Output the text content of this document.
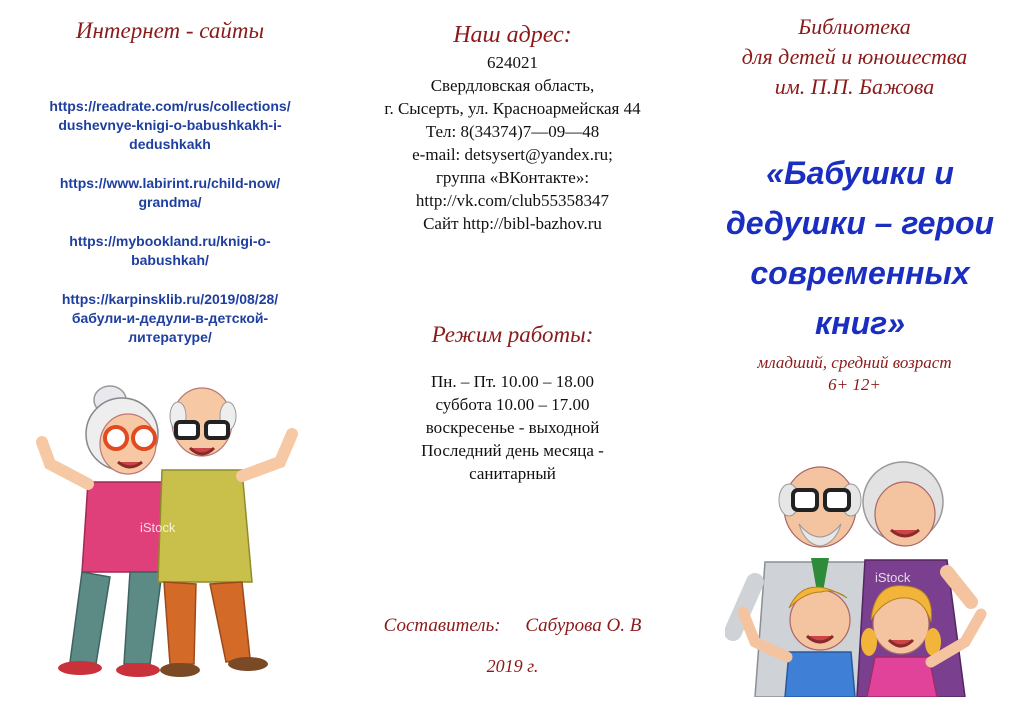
Интернет - сайты
https://readrate.com/rus/collections/
dushevnye-knigi-o-babushkakh-i-
dedushkakh
https://www.labirint.ru/child-now/
grandma/
https://mybookland.ru/knigi-o-
babushkah/
https://karpinsklib.ru/2019/08/28/
бабули-и-дедули-в-детской-
литературе/
iStock
Наш адрес:
624021
Свердловская область,
г. Сысерть, ул. Красноармейская 44
Тел: 8(34374)7—09—48
e-mail: detsysert@yandex.ru;
группа «ВКонтакте»:
http://vk.com/club55358347
Сайт http://bibl-bazhov.ru
Режим работы:
Пн. – Пт. 10.00 – 18.00
суббота 10.00 – 17.00
воскресенье - выходной
Последний день месяца -
санитарный
Составитель: Сабурова О. В
2019 г.
Библиотека
для детей и юношества
им. П.П. Бажова
«Бабушки и
дедушки – герои
современных
книг»
младший, средний возраст
6+ 12+
iStock
